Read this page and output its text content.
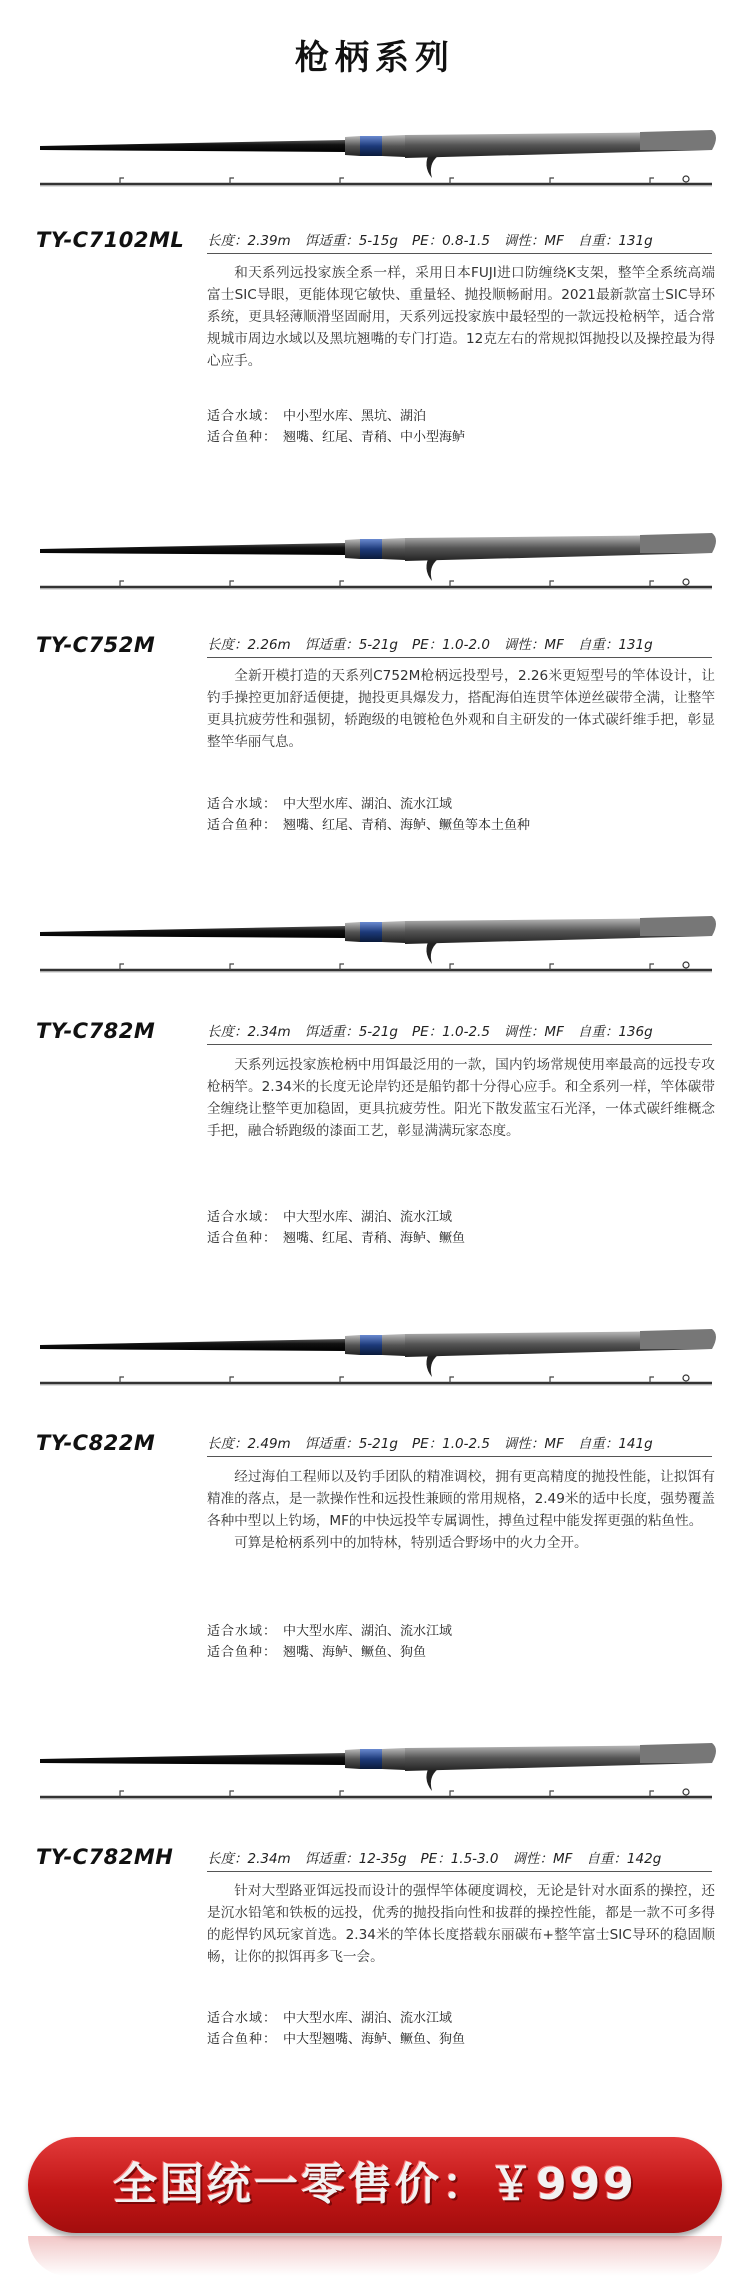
枪柄系列
TY-C7102ML 长度：2.39m 饵适重：5-15g PE：0.8-1.5 调性：MF 自重：131g

和天系列远投家族全系一样，采用日本FUJI进口防缠绕K支架，整竿全系统高端富士SIC导眼，更能体现它敏快、重量轻、抛投顺畅耐用。2021最新款富士SIC导环系统，更具轻薄顺滑坚固耐用，天系列远投家族中最轻型的一款远投枪柄竿，适合常规城市周边水域以及黑坑翘嘴的专门打造。12克左右的常规拟饵抛投以及操控最为得心应手。

适合水域： 中小型水库、黑坑、湖泊
适合鱼种： 翘嘴、红尾、青稍、中小型海鲈
TY-C752M	长度：2.26m 饵适重：5-21g PE：1.0-2.0 调性：MF 自重：131g

全新开模打造的天系列C752M枪柄远投型号，2.26米更短型号的竿体设计，让钓手操控更加舒适便捷，抛投更具爆发力，搭配海伯连贯竿体逆丝碳带全满，让整竿更具抗疲劳性和强韧，轿跑级的电镀枪色外观和自主研发的一体式碳纤维手把，彰显整竿华丽气息。

适合水域： 中大型水库、湖泊、流水江域
适合鱼种： 翘嘴、红尾、青稍、海鲈、鳜鱼等本土鱼种
TY-C782M	长度：2.34m 饵适重：5-21g PE：1.0-2.5 调性：MF 自重：136g

天系列远投家族枪柄中用饵最泛用的一款，国内钓场常规使用率最高的远投专攻枪柄竿。2.34米的长度无论岸钓还是船钓都十分得心应手。和全系列一样，竿体碳带全缠绕让整竿更加稳固，更具抗疲劳性。阳光下散发蓝宝石光泽，一体式碳纤维概念手把，融合轿跑级的漆面工艺，彰显满满玩家态度。

适合水域： 中大型水库、湖泊、流水江域
适合鱼种： 翘嘴、红尾、青稍、海鲈、鳜鱼
TY-C822M	长度：2.49m 饵适重：5-21g PE：1.0-2.5 调性：MF 自重：141g

经过海伯工程师以及钓手团队的精准调校，拥有更高精度的抛投性能，让拟饵有精准的落点，是一款操作性和远投性兼顾的常用规格，2.49米的适中长度，强势覆盖各种中型以上钓场，MF的中快远投竿专属调性，搏鱼过程中能发挥更强的粘鱼性。

可算是枪柄系列中的加特林，特别适合野场中的火力全开。

适合水域： 中大型水库、湖泊、流水江域
适合鱼种： 翘嘴、海鲈、鳜鱼、狗鱼
TY-C782MH 长度：2.34m 饵适重：12-35g PE：1.5-3.0 调性：MF 自重：142g

针对大型路亚饵远投而设计的强悍竿体硬度调校，无论是针对水面系的操控，还是沉水铅笔和铁板的远投，优秀的抛投指向性和拔群的操控性能，都是一款不可多得的彪悍钓风玩家首选。2.34米的竿体长度搭载东丽碳布+整竿富士SIC导环的稳固顺畅，让你的拟饵再多飞一会。

适合水域： 中大型水库、湖泊、流水江域
适合鱼种： 中大型翘嘴、海鲈、鳜鱼、狗鱼
全国统一零售价：￥999
